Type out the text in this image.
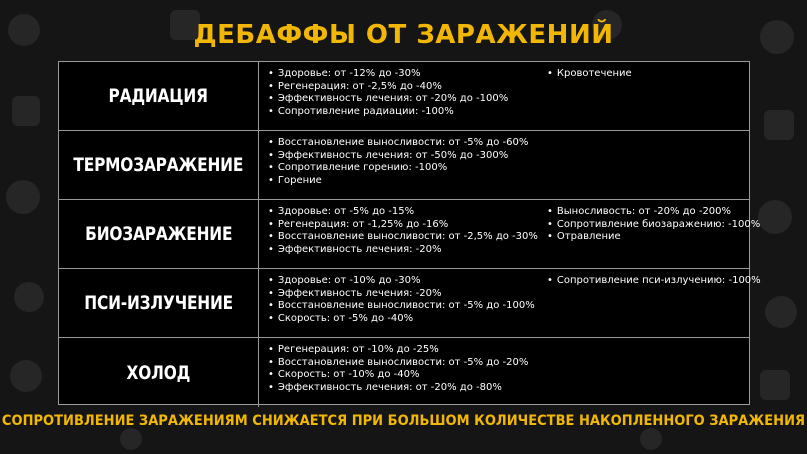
ДЕБАФФЫ ОТ ЗАРАЖЕНИЙ
РАДИАЦИЯ
• Здоровье: от -12% до -30%
• Регенерация: от -2,5% до -40%
• Эффективность лечения: от -20% до -100%
• Сопротивление радиации: -100%
• Кровотечение
ТЕРМОЗАРАЖЕНИЕ
• Восстановление выносливости: от -5% до -60%
• Эффективность лечения: от -50% до -300%
• Сопротивление горению: -100%
• Горение
БИОЗАРАЖЕНИЕ
• Здоровье: от -5% до -15%
• Регенерация: от -1,25% до -16%
• Восстановление выносливости: от -2,5% до -30%
• Эффективность лечения: -20%
• Выносливость: от -20% до -200%
• Сопротивление биозаражению: -100%
• Отравление
ПСИ-ИЗЛУЧЕНИЕ
• Здоровье: от -10% до -30%
• Эффективность лечения: -20%
• Восстановление выносливости: от -5% до -100%
• Скорость: от -5% до -40%
• Сопротивление пси-излучению: -100%
ХОЛОД
• Регенерация: от -10% до -25%
• Восстановление выносливости: от -5% до -20%
• Скорость: от -10% до -40%
• Эффективность лечения: от -20% до -80%
СОПРОТИВЛЕНИЕ ЗАРАЖЕНИЯМ СНИЖАЕТСЯ ПРИ БОЛЬШОМ КОЛИЧЕСТВЕ НАКОПЛЕННОГО ЗАРАЖЕНИЯ
